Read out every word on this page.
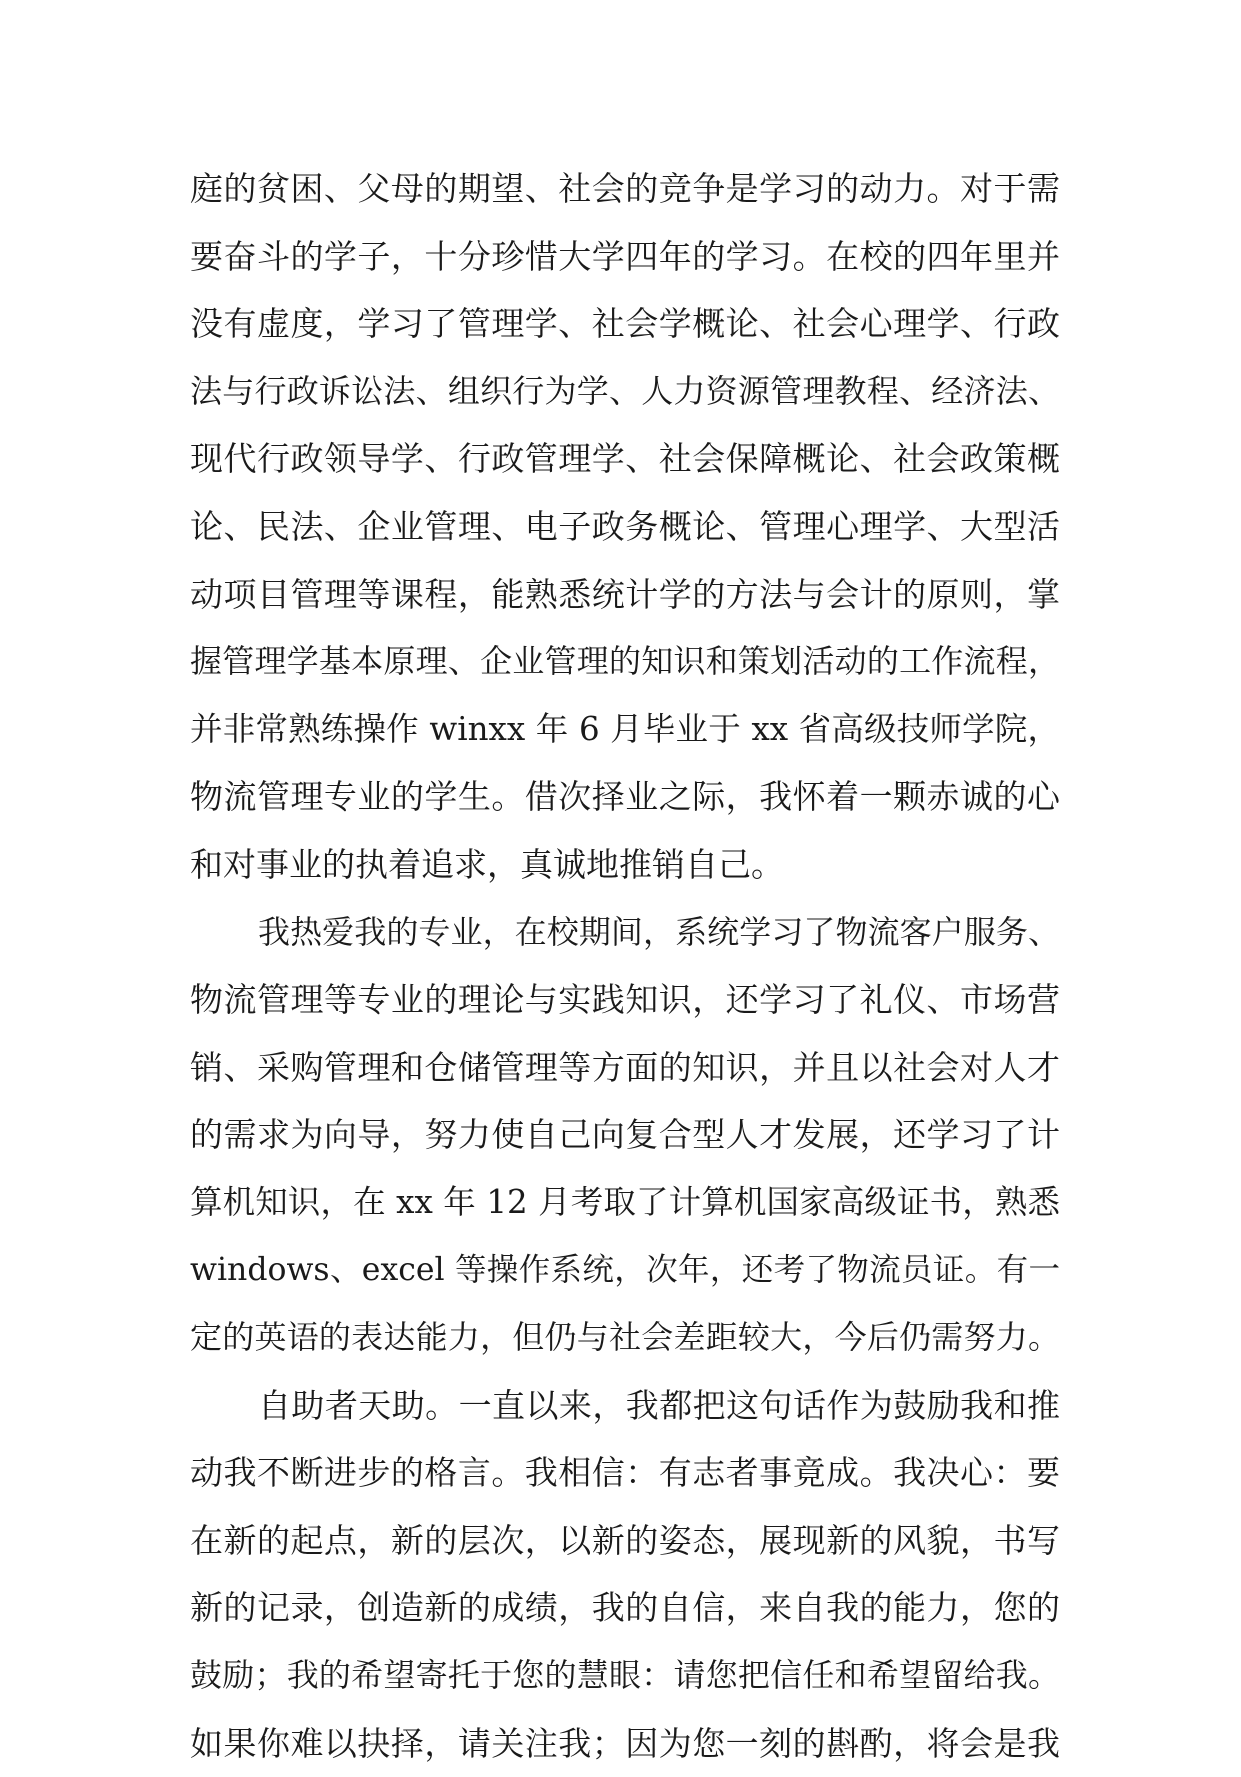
庭的贫困、父母的期望、社会的竞争是学习的动力。对于需
要奋斗的学子，十分珍惜大学四年的学习。在校的四年里并
没有虚度，学习了管理学、社会学概论、社会心理学、行政
法与行政诉讼法、组织行为学、人力资源管理教程、经济法、
现代行政领导学、行政管理学、社会保障概论、社会政策概
论、民法、企业管理、电子政务概论、管理心理学、大型活
动项目管理等课程，能熟悉统计学的方法与会计的原则，掌
握管理学基本原理、企业管理的知识和策划活动的工作流程，
并非常熟练操作 winxx 年 6 月毕业于 xx 省高级技师学院，
物流管理专业的学生。借次择业之际，我怀着一颗赤诚的心
和对事业的执着追求，真诚地推销自己。
我热爱我的专业，在校期间，系统学习了物流客户服务、
物流管理等专业的理论与实践知识，还学习了礼仪、市场营
销、采购管理和仓储管理等方面的知识，并且以社会对人才
的需求为向导，努力使自己向复合型人才发展，还学习了计
算机知识，在 xx 年 12 月考取了计算机国家高级证书，熟悉
windows、excel 等操作系统，次年，还考了物流员证。有一
定的英语的表达能力，但仍与社会差距较大，今后仍需努力。
自助者天助。一直以来，我都把这句话作为鼓励我和推
动我不断进步的格言。我相信：有志者事竟成。我决心：要
在新的起点，新的层次，以新的姿态，展现新的风貌，书写
新的记录，创造新的成绩，我的自信，来自我的能力，您的
鼓励；我的希望寄托于您的慧眼：请您把信任和希望留给我。
如果你难以抉择，请关注我；因为您一刻的斟酌，将会是我
